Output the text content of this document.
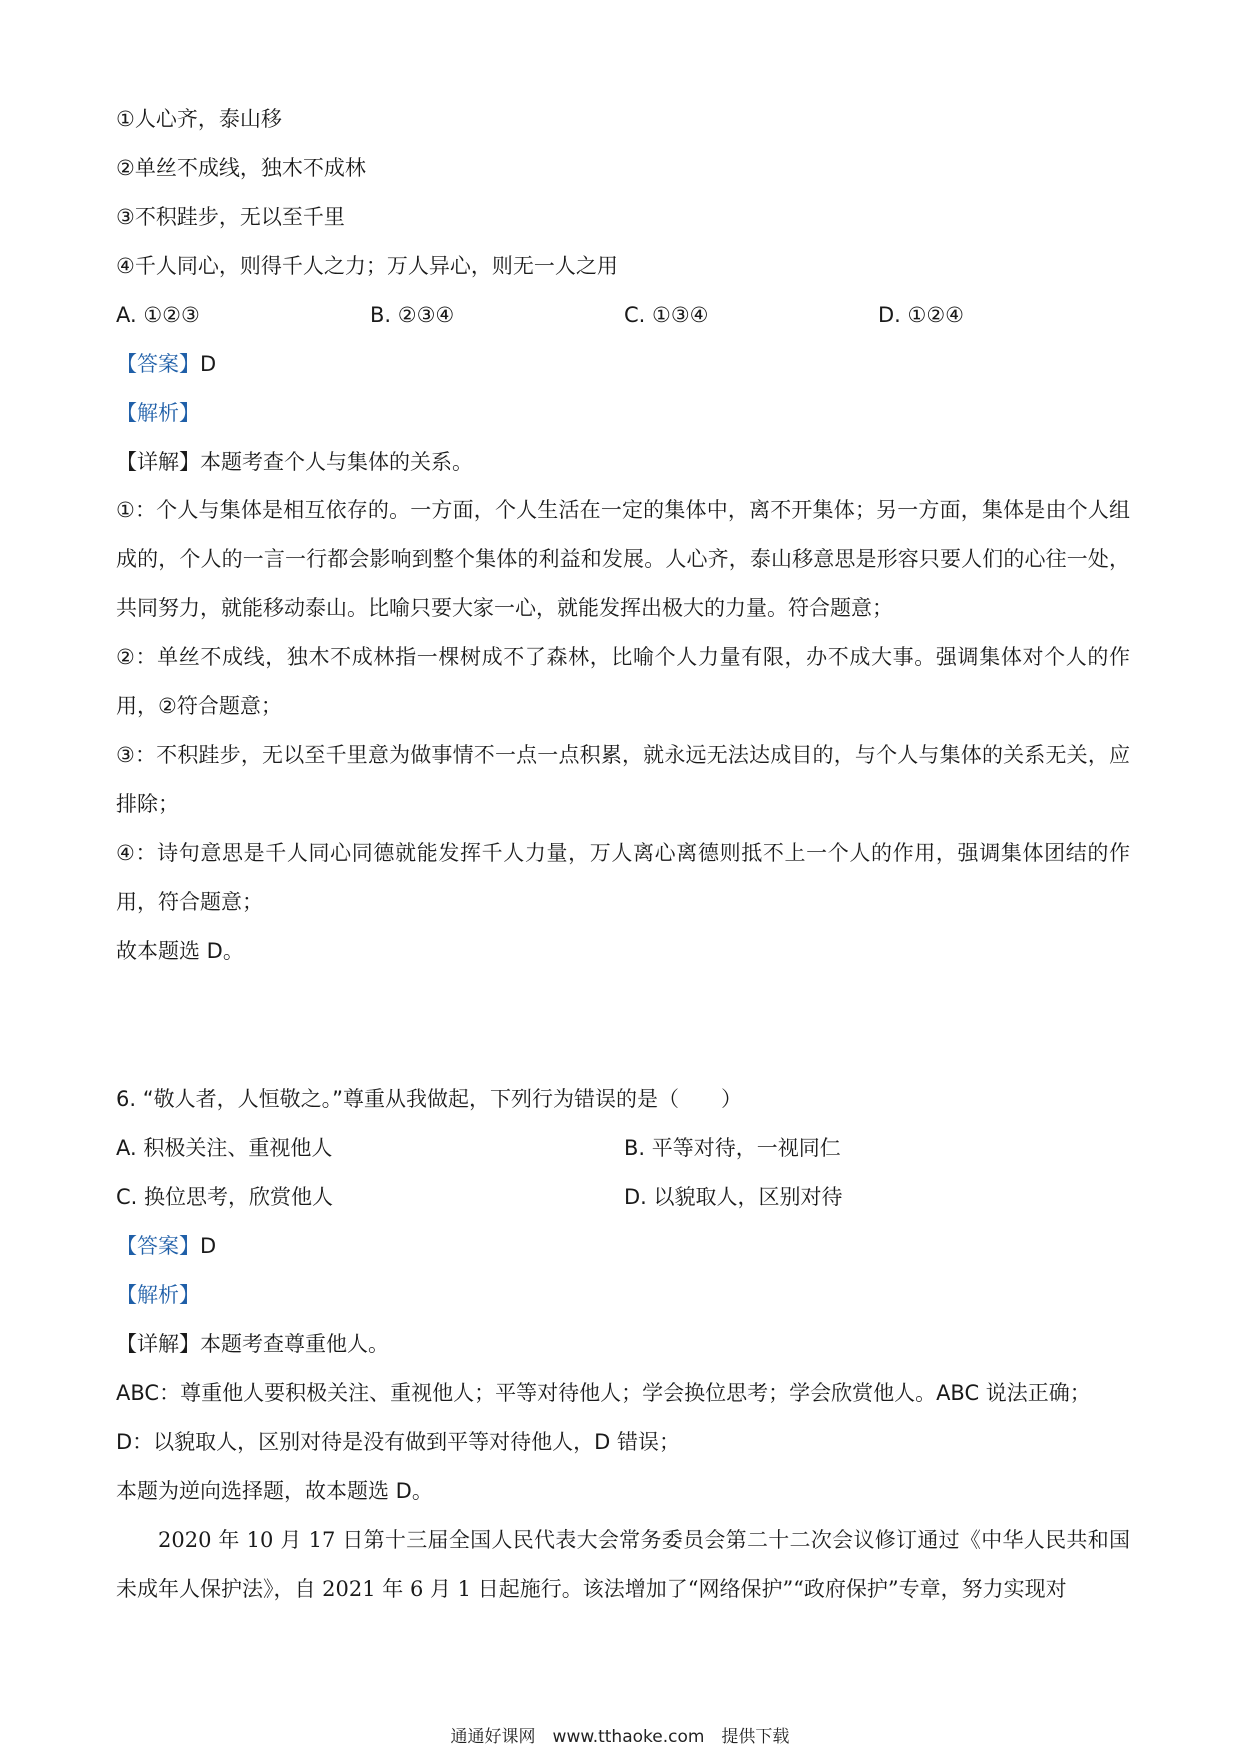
①人心齐，泰山移
②单丝不成线，独木不成林
③不积跬步，无以至千里
④千人同心，则得千人之力；万人异心，则无一人之用
A. ①②③	B. ②③④	C. ①③④	D. ①②④
【答案】D
【解析】
【详解】本题考查个人与集体的关系。
①：个人与集体是相互依存的。一方面，个人生活在一定的集体中，离不开集体；另一方面，集体是由个人组成的，个人的一言一行都会影响到整个集体的利益和发展。人心齐，泰山移意思是形容只要人们的心往一处，共同努力，就能移动泰山。比喻只要大家一心，就能发挥出极大的力量。符合题意；
②：单丝不成线，独木不成林指一棵树成不了森林，比喻个人力量有限，办不成大事。强调集体对个人的作用，②符合题意；
③：不积跬步，无以至千里意为做事情不一点一点积累，就永远无法达成目的，与个人与集体的关系无关，应排除；
④：诗句意思是千人同心同德就能发挥千人力量，万人离心离德则抵不上一个人的作用，强调集体团结的作用，符合题意；
故本题选 D。
6. “敬人者，人恒敬之。”尊重从我做起，下列行为错误的是（　　）
A. 积极关注、重视他人	B. 平等对待，一视同仁
C. 换位思考，欣赏他人	D. 以貌取人，区别对待
【答案】D
【解析】
【详解】本题考查尊重他人。
ABC：尊重他人要积极关注、重视他人；平等对待他人；学会换位思考；学会欣赏他人。ABC 说法正确；
D：以貌取人，区别对待是没有做到平等对待他人，D 错误；
本题为逆向选择题，故本题选 D。
2020 年 10 月 17 日第十三届全国人民代表大会常务委员会第二十二次会议修订通过《中华人民共和国未成年人保护法》，自 2021 年 6 月 1 日起施行。该法增加了“网络保护”“政府保护”专章，努力实现对
通通好课网　www.tthaoke.com　提供下载
